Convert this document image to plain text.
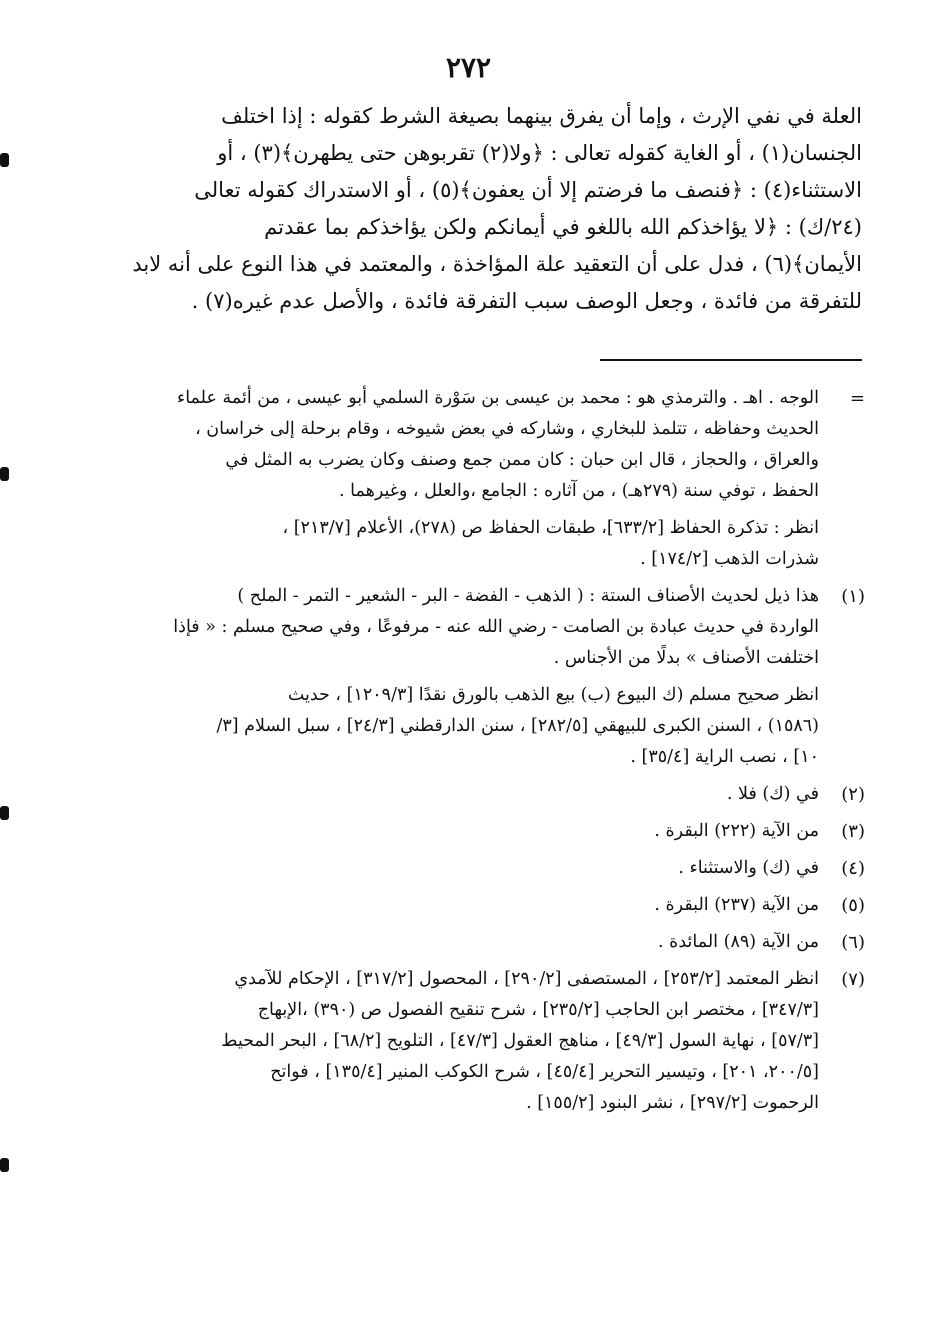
٢٧٢
العلة في نفي الإرث ، وإما أن يفرق بينهما بصيغة الشرط كقوله : إذا اختلف
الجنسان(١) ، أو الغاية كقوله تعالى : ﴿ولا(٢) تقربوهن حتى يطهرن﴾(٣) ، أو
الاستثناء(٤) : ﴿فنصف ما فرضتم إلا أن يعفون﴾(٥) ، أو الاستدراك كقوله تعالى
(٢٤/ك) : ﴿لا يؤاخذكم الله باللغو في أيمانكم ولكن يؤاخذكم بما عقدتم
الأيمان﴾(٦) ، فدل على أن التعقيد علة المؤاخذة ، والمعتمد في هذا النوع على أنه لابد
للتفرقة من فائدة ، وجعل الوصف سبب التفرقة فائدة ، والأصل عدم غيره(٧) .
=
الوجه . اهـ . والترمذي هو : محمد بن عيسى بن سَوْرة السلمي أبو عيسى ، من أئمة علماء
الحديث وحفاظه ، تتلمذ للبخاري ، وشاركه في بعض شيوخه ، وقام برحلة إلى خراسان ،
والعراق ، والحجاز ، قال ابن حبان : كان ممن جمع وصنف وكان يضرب به المثل في
الحفظ ، توفي سنة (٢٧٩هـ) ، من آثاره : الجامع ،والعلل ، وغيرهما .
انظر : تذكرة الحفاظ [٦٣٣/٢]، طبقات الحفاظ ص (٢٧٨)، الأعلام [٢١٣/٧] ،
شذرات الذهب [١٧٤/٢] .
(١)
هذا ذيل لحديث الأصناف الستة : ( الذهب - الفضة - البر - الشعير - التمر - الملح )
الواردة في حديث عبادة بن الصامت - رضي الله عنه - مرفوعًا ، وفي صحيح مسلم : « فإذا
اختلفت الأصناف » بدلًا من الأجناس .
انظر صحيح مسلم (ك البيوع (ب) بيع الذهب بالورق نقدًا [١٢٠٩/٣] ، حديث
(١٥٨٦) ، السنن الكبرى للبيهقي [٢٨٢/٥] ، سنن الدارقطني [٢٤/٣] ، سبل السلام [٣/
١٠] ، نصب الراية [٣٥/٤] .
(٢)
في (ك) فلا .
(٣)
من الآية (٢٢٢) البقرة .
(٤)
في (ك) والاستثناء .
(٥)
من الآية (٢٣٧) البقرة .
(٦)
من الآية (٨٩) المائدة .
(٧)
انظر المعتمد [٢٥٣/٢] ، المستصفى [٢٩٠/٢] ، المحصول [٣١٧/٢] ، الإحكام للآمدي
[٣٤٧/٣] ، مختصر ابن الحاجب [٢٣٥/٢] ، شرح تنقيح الفصول ص (٣٩٠) ،الإبهاج
[٥٧/٣] ، نهاية السول [٤٩/٣] ، مناهج العقول [٤٧/٣] ، التلويح [٦٨/٢] ، البحر المحيط
[٢٠٠/٥، ٢٠١] ، وتيسير التحرير [٤٥/٤] ، شرح الكوكب المنير [١٣٥/٤] ، فواتح
الرحموت [٢٩٧/٢] ، نشر البنود [١٥٥/٢] .
